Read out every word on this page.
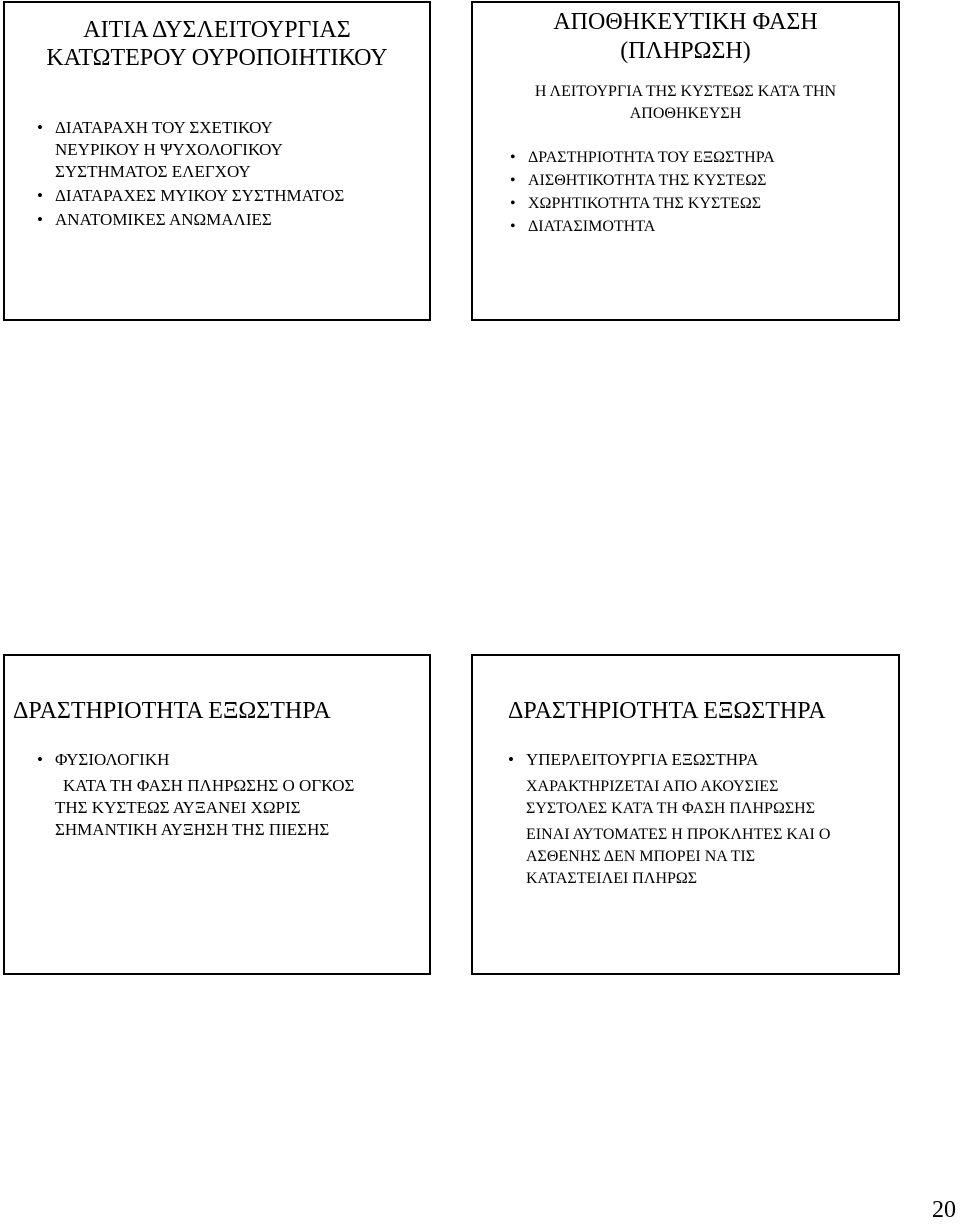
ΑΙΤΙΑ ΔΥΣΛΕΙΤΟΥΡΓΙΑΣ ΚΑΤΩΤΕΡΟΥ ΟΥΡΟΠΟΙΗΤΙΚΟΥ
• ΔΙΑΤΑΡΑΧΗ ΤΟΥ ΣΧΕΤΙΚΟΥ ΝΕΥΡΙΚΟΥ Η ΨΥΧΟΛΟΓΙΚΟΥ ΣΥΣΤΗΜΑΤΟΣ ΕΛΕΓΧΟΥ
• ΔΙΑΤΑΡΑΧΕΣ ΜΥΙΚΟΥ ΣΥΣΤΗΜΑΤΟΣ
• ΑΝΑΤΟΜΙΚΕΣ ΑΝΩΜΑΛΙΕΣ
ΑΠΟΘΗΚΕΥΤΙΚΗ ΦΑΣΗ (ΠΛΗΡΩΣΗ)
Η ΛΕΙΤΟΥΡΓΙΑ ΤΗΣ ΚΥΣΤΕΩΣ ΚΑΤΆ ΤΗΝ ΑΠΟΘΗΚΕΥΣΗ
• ΔΡΑΣΤΗΡΙΟΤΗΤΑ ΤΟΥ ΕΞΩΣΤΗΡΑ
• ΑΙΣΘΗΤΙΚΟΤΗΤΑ ΤΗΣ ΚΥΣΤΕΩΣ
• ΧΩΡΗΤΙΚΟΤΗΤΑ ΤΗΣ ΚΥΣΤΕΩΣ
• ΔΙΑΤΑΣΙΜΟΤΗΤΑ
ΔΡΑΣΤΗΡΙΟΤΗΤΑ ΕΞΩΣΤΗΡΑ
• ΦΥΣΙΟΛΟΓΙΚΗ
ΚΑΤΑ ΤΗ ΦΑΣΗ ΠΛΗΡΩΣΗΣ Ο ΟΓΚΟΣ
ΤΗΣ ΚΥΣΤΕΩΣ ΑΥΞΑΝΕΙ ΧΩΡΙΣ
ΣΗΜΑΝΤΙΚΗ ΑΥΞΗΣΗ ΤΗΣ ΠΙΕΣΗΣ
ΔΡΑΣΤΗΡΙΟΤΗΤΑ ΕΞΩΣΤΗΡΑ
• ΥΠΕΡΛΕΙΤΟΥΡΓΙΑ ΕΞΩΣΤΗΡΑ
ΧΑΡΑΚΤΗΡΙΖΕΤΑΙ ΑΠΟ ΑΚΟΥΣΙΕΣ
ΣΥΣΤΟΛΕΣ ΚΑΤΆ ΤΗ ΦΑΣΗ ΠΛΗΡΩΣΗΣ
ΕΙΝΑΙ ΑΥΤΟΜΑΤΕΣ Η ΠΡΟΚΛΗΤΕΣ ΚΑΙ Ο
ΑΣΘΕΝΗΣ ΔΕΝ ΜΠΟΡΕΙ ΝΑ ΤΙΣ
ΚΑΤΑΣΤΕΙΛΕΙ ΠΛΗΡΩΣ
20
